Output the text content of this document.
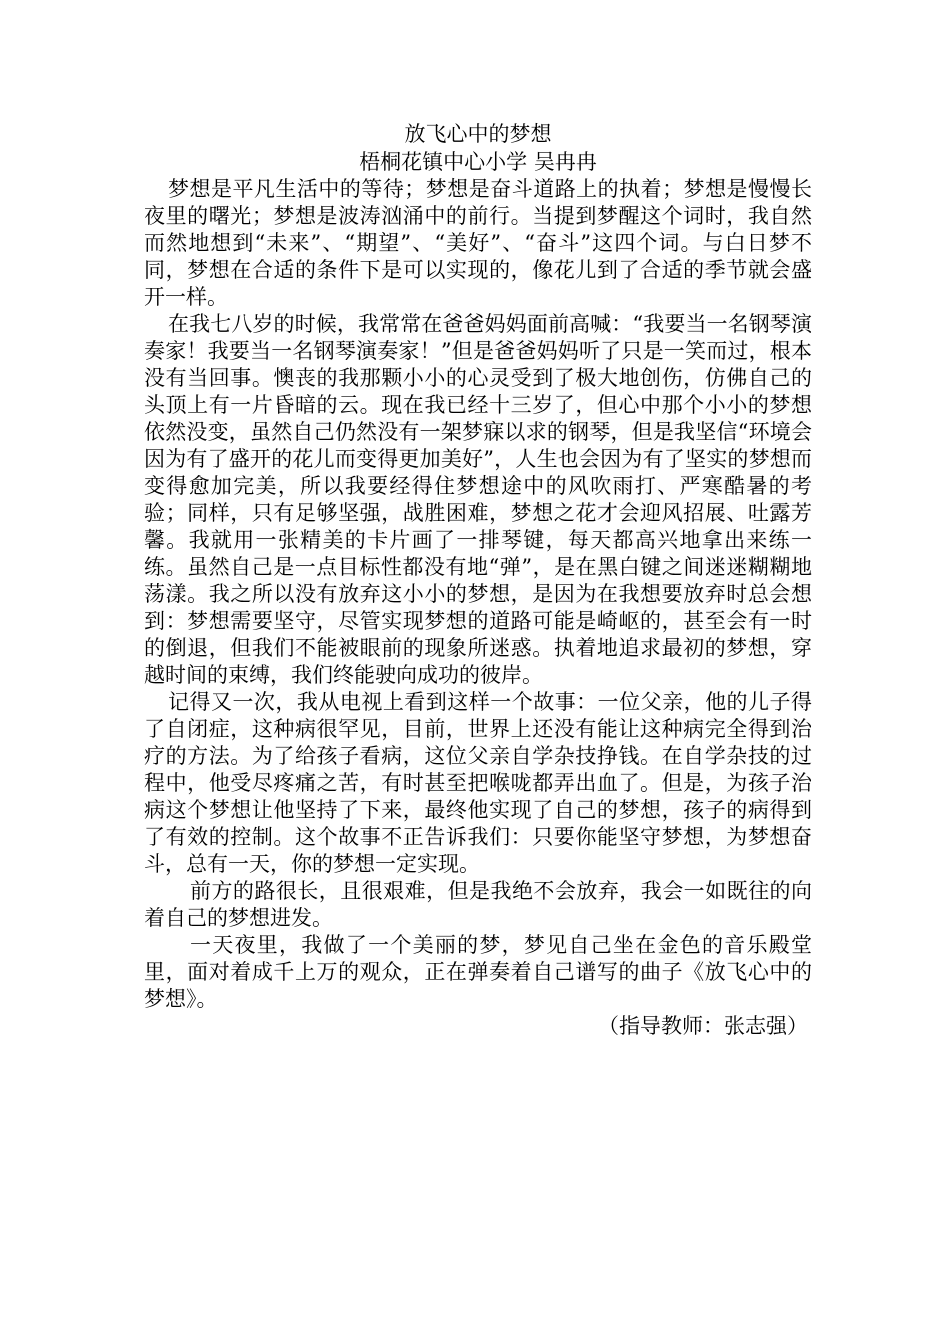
放飞心中的梦想

梧桐花镇中心小学 吴冉冉

梦想是平凡生活中的等待；梦想是奋斗道路上的执着；梦想是慢慢长夜里的曙光；梦想是波涛汹涌中的前行。当提到梦醒这个词时，我自然而然地想到“未来”、“期望”、“美好”、“奋斗”这四个词。与白日梦不同，梦想在合适的条件下是可以实现的，像花儿到了合适的季节就会盛开一样。

在我七八岁的时候，我常常在爸爸妈妈面前高喊：“我要当一名钢琴演奏家！我要当一名钢琴演奏家！”但是爸爸妈妈听了只是一笑而过，根本没有当回事。懊丧的我那颗小小的心灵受到了极大地创伤，仿佛自己的头顶上有一片昏暗的云。现在我已经十三岁了，但心中那个小小的梦想依然没变，虽然自己仍然没有一架梦寐以求的钢琴，但是我坚信“环境会因为有了盛开的花儿而变得更加美好”，人生也会因为有了坚实的梦想而变得愈加完美，所以我要经得住梦想途中的风吹雨打、严寒酷暑的考验；同样，只有足够坚强，战胜困难，梦想之花才会迎风招展、吐露芳馨。我就用一张精美的卡片画了一排琴键，每天都高兴地拿出来练一练。虽然自己是一点目标性都没有地“弹”，是在黑白键之间迷迷糊糊地荡漾。我之所以没有放弃这小小的梦想，是因为在我想要放弃时总会想到：梦想需要坚守，尽管实现梦想的道路可能是崎岖的，甚至会有一时的倒退，但我们不能被眼前的现象所迷惑。执着地追求最初的梦想，穿越时间的束缚，我们终能驶向成功的彼岸。

记得又一次，我从电视上看到这样一个故事：一位父亲，他的儿子得了自闭症，这种病很罕见，目前，世界上还没有能让这种病完全得到治疗的方法。为了给孩子看病，这位父亲自学杂技挣钱。在自学杂技的过程中，他受尽疼痛之苦，有时甚至把喉咙都弄出血了。但是，为孩子治病这个梦想让他坚持了下来，最终他实现了自己的梦想，孩子的病得到了有效的控制。这个故事不正告诉我们：只要你能坚守梦想，为梦想奋斗，总有一天，你的梦想一定实现。

前方的路很长，且很艰难，但是我绝不会放弃，我会一如既往的向着自己的梦想进发。

一天夜里，我做了一个美丽的梦，梦见自己坐在金色的音乐殿堂里，面对着成千上万的观众，正在弹奏着自己谱写的曲子《放飞心中的梦想》。

（指导教师：张志强）
